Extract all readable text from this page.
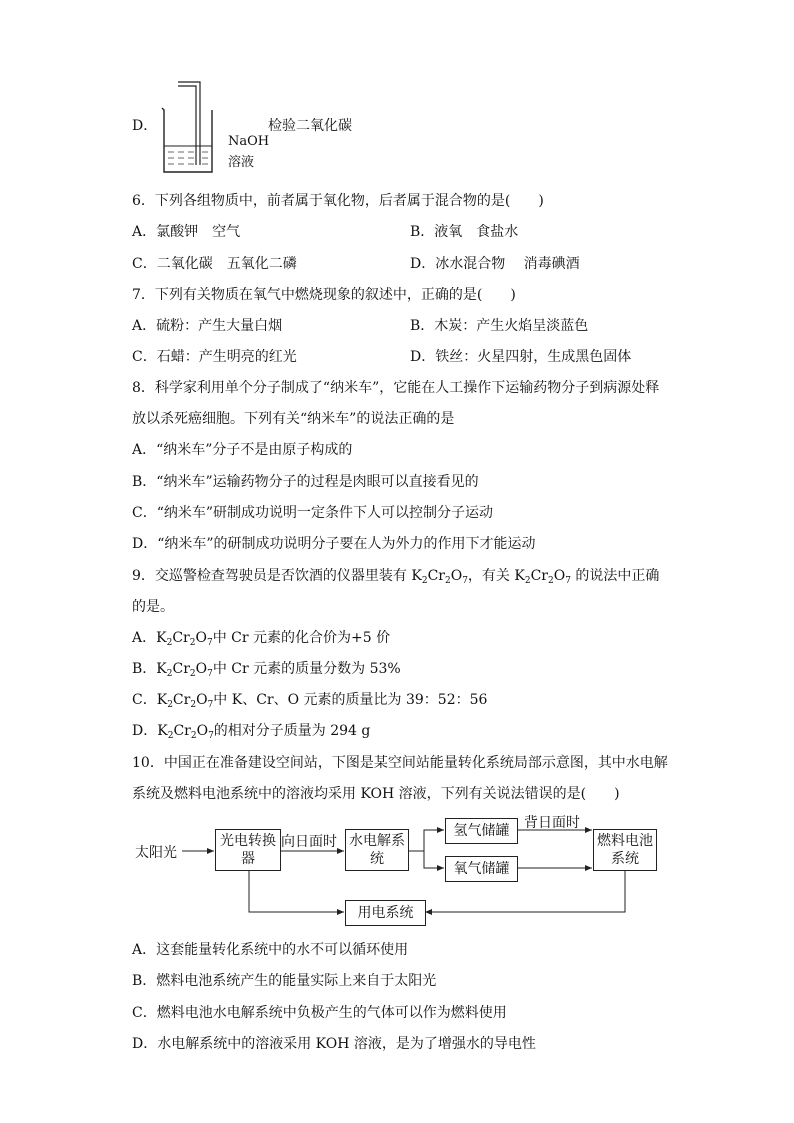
D．
NaOH
溶液
检验二氧化碳
6．下列各组物质中，前者属于氧化物，后者属于混合物的是(　　)
A．氯酸钾　空气	B．液氧　食盐水
C．二氧化碳　五氧化二磷	D．冰水混合物　 消毒碘酒
7．下列有关物质在氧气中燃烧现象的叙述中，正确的是(　　)
A．硫粉：产生大量白烟	B．木炭：产生火焰呈淡蓝色
C．石蜡：产生明亮的红光	D．铁丝：火星四射，生成黑色固体
8．科学家利用单个分子制成了“纳米车”，它能在人工操作下运输药物分子到病源处释
放以杀死癌细胞。下列有关“纳米车”的说法正确的是
A．“纳米车”分子不是由原子构成的
B．“纳米车”运输药物分子的过程是肉眼可以直接看见的
C．“纳米车”研制成功说明一定条件下人可以控制分子运动
D．“纳米车”的研制成功说明分子要在人为外力的作用下才能运动
9．交巡警检查驾驶员是否饮酒的仪器里装有 $K_2Cr_2O_7$，有关 $K_2Cr_2O_7$ 的说法中正确
的是。
A．$K_2Cr_2O_7$中 Cr 元素的化合价为+5 价
B．$K_2Cr_2O_7$中 Cr 元素的质量分数为 53%
C．$K_2Cr_2O_7$中 K、Cr、O 元素的质量比为 39：52：56
D．$K_2Cr_2O_7$的相对分子质量为 294 g
10．中国正在准备建设空间站，下图是某空间站能量转化系统局部示意图，其中水电解
系统及燃料电池系统中的溶液均采用 KOH 溶液，下列有关说法错误的是(　　)
太阳光
光电转换器
向日面时 水电解系统
氢气储罐
氧气储罐
背日面时
燃料电池系统
用电系统
A．这套能量转化系统中的水不可以循环使用
B．燃料电池系统产生的能量实际上来自于太阳光
C．燃料电池水电解系统中负极产生的气体可以作为燃料使用
D．水电解系统中的溶液采用 KOH 溶液，是为了增强水的导电性
